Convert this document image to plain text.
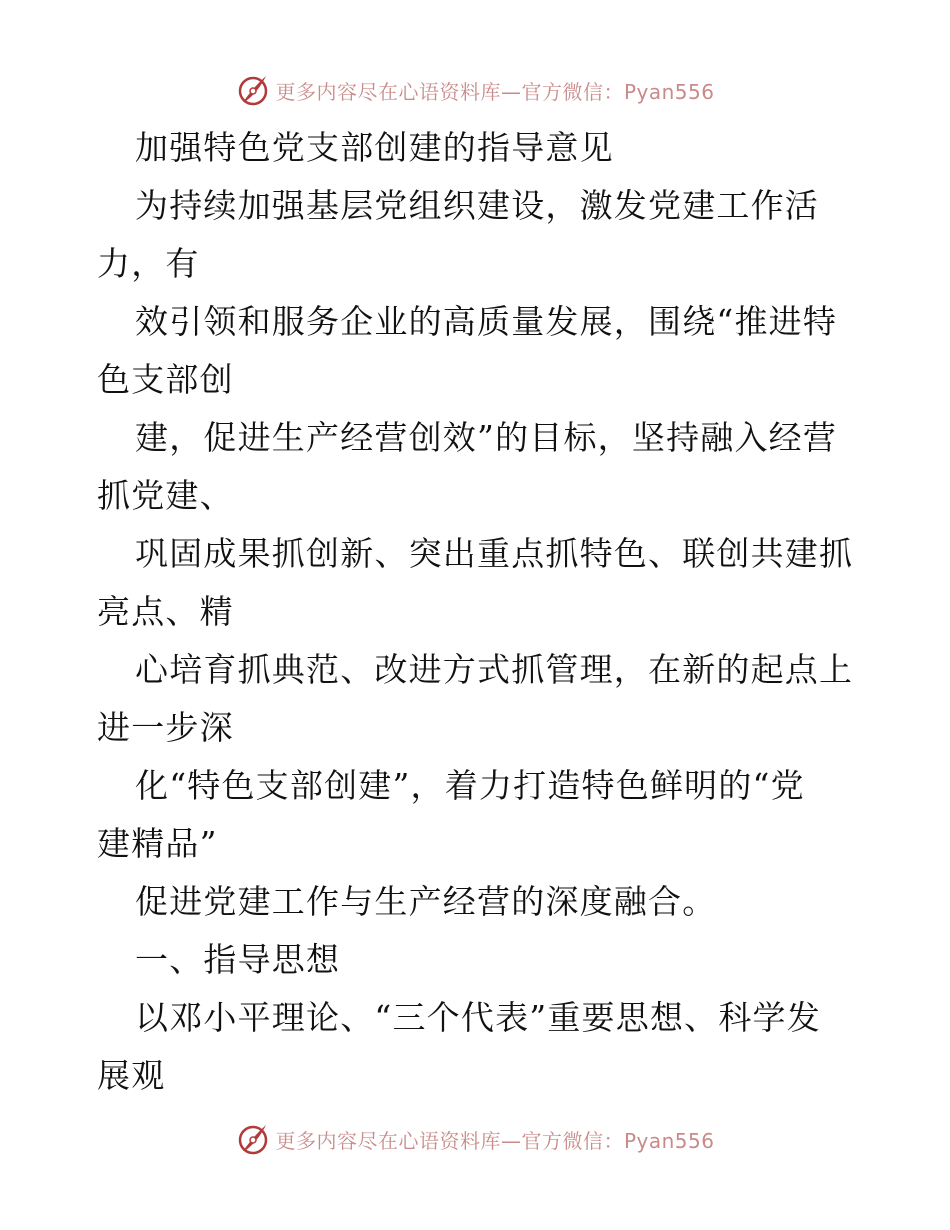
更多内容尽在心语资料库—官方微信：Pyan556
加强特色党支部创建的指导意见
为持续加强基层党组织建设，激发党建工作活
力，有
效引领和服务企业的高质量发展，围绕“推进特
色支部创
建，促进生产经营创效”的目标，坚持融入经营
抓党建、
巩固成果抓创新、突出重点抓特色、联创共建抓
亮点、精
心培育抓典范、改进方式抓管理，在新的起点上
进一步深
化“特色支部创建”，着力打造特色鲜明的“党
建精品”
促进党建工作与生产经营的深度融合。
一、指导思想
以邓小平理论、“三个代表”重要思想、科学发
展观
更多内容尽在心语资料库—官方微信：Pyan556
